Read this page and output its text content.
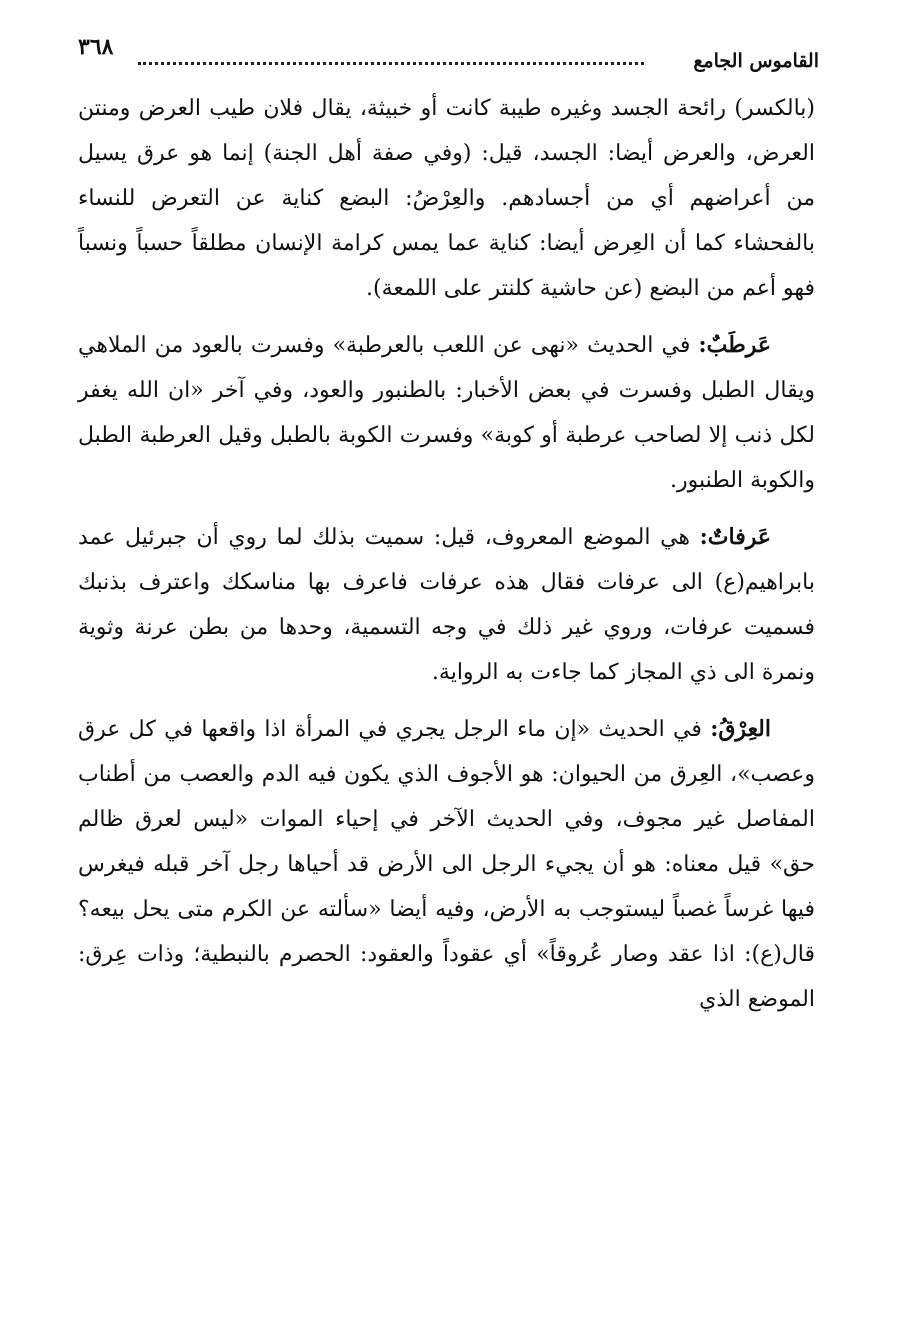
٣٦٨
القاموس الجامع

(بالكسر) رائحة الجسد وغيره طيبة كانت أو خبيثة، يقال فلان طيب العرض ومنتن العرض، والعرض أيضا: الجسد، قيل: (وفي صفة أهل الجنة) إنما هو عرق يسيل من أعراضهم أي من أجسادهم. والعِرْضُ: البضع كناية عن التعرض للنساء بالفحشاء كما أن العِرض أيضا: كناية عما يمس كرامة الإنسان مطلقاً حسباً ونسباً فهو أعم من البضع (عن حاشية كلنتر على اللمعة).

عَرطَبٌ: في الحديث «نهى عن اللعب بالعرطبة» وفسرت بالعود من الملاهي ويقال الطبل وفسرت في بعض الأخبار: بالطنبور والعود، وفي آخر «ان الله يغفر لكل ذنب إلا لصاحب عرطبة أو كوبة» وفسرت الكوبة بالطبل وقيل العرطبة الطبل والكوبة الطنبور.

عَرفاتٌ: هي الموضع المعروف، قيل: سميت بذلك لما روي أن جبرئيل عمد بابراهيم(ع) الى عرفات فقال هذه عرفات فاعرف بها مناسكك واعترف بذنبك فسميت عرفات، وروي غير ذلك في وجه التسمية، وحدها من بطن عرنة وثوية ونمرة الى ذي المجاز كما جاءت به الرواية.

العِرْقُ: في الحديث «إن ماء الرجل يجري في المرأة اذا واقعها في كل عرق وعصب»، العِرق من الحيوان: هو الأجوف الذي يكون فيه الدم والعصب من أطناب المفاصل غير مجوف، وفي الحديث الآخر في إحياء الموات «ليس لعرق ظالم حق» قيل معناه: هو أن يجيء الرجل الى الأرض قد أحياها رجل آخر قبله فيغرس فيها غرساً غصباً ليستوجب به الأرض، وفيه أيضا «سألته عن الكرم متى يحل بيعه؟ قال(ع): اذا عقد وصار عُروقاً» أي عقوداً والعقود: الحصرم بالنبطية؛ وذات عِرق: الموضع الذي
